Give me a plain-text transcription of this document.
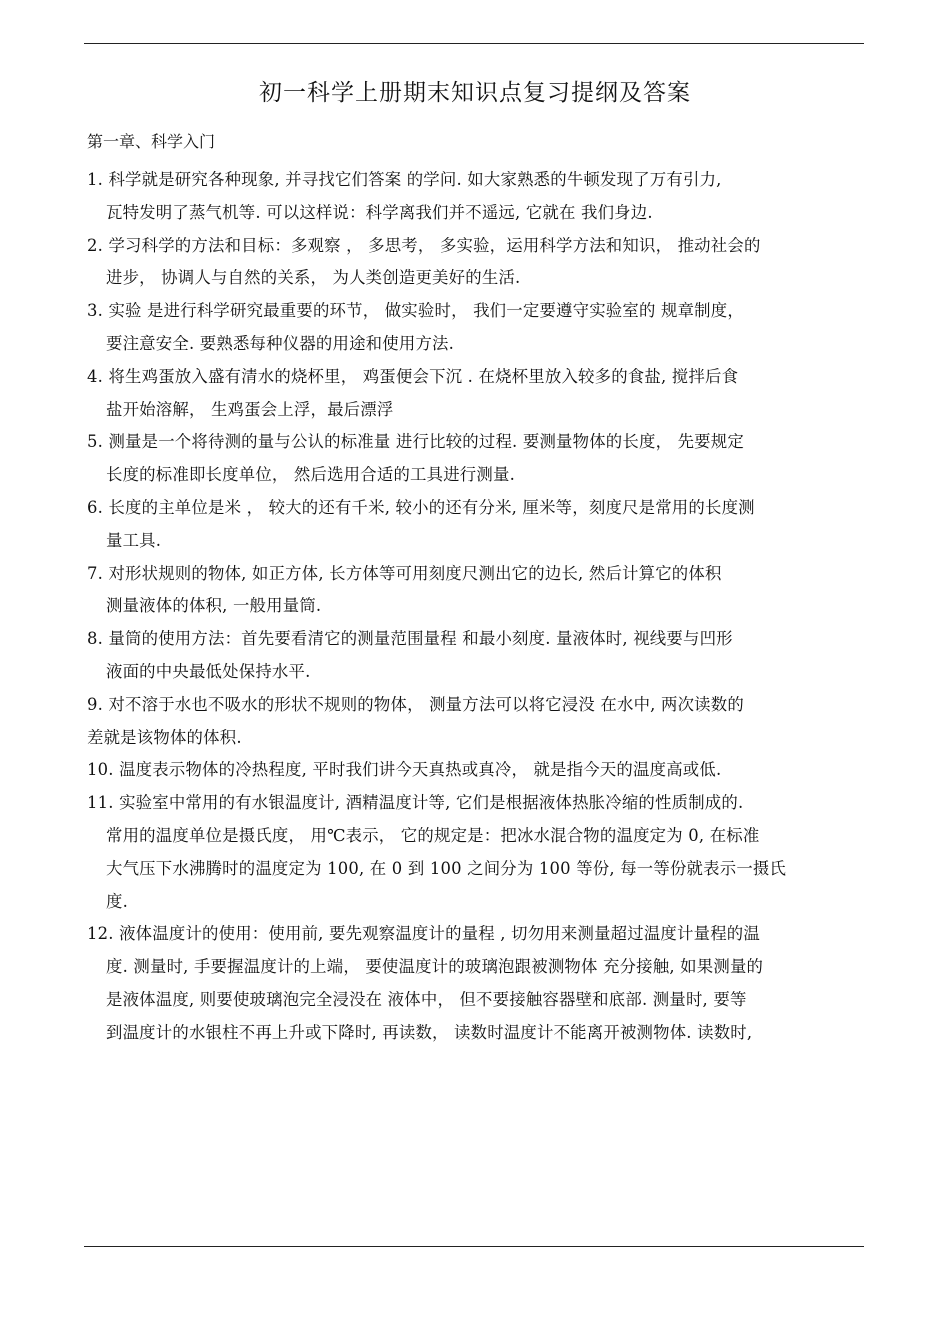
初一科学上册期末知识点复习提纲及答案
第一章、科学入门
1. 科学就是研究各种现象, 并寻找它们答案 的学问. 如大家熟悉的牛顿发现了万有引力,
瓦特发明了蒸气机等. 可以这样说：科学离我们并不遥远, 它就在 我们身边.
2. 学习科学的方法和目标：多观察 ， 多思考， 多实验，运用科学方法和知识， 推动社会的
进步， 协调人与自然的关系， 为人类创造更美好的生活.
3. 实验 是进行科学研究最重要的环节， 做实验时， 我们一定要遵守实验室的 规章制度，
要注意安全. 要熟悉每种仪器的用途和使用方法.
4. 将生鸡蛋放入盛有清水的烧杯里， 鸡蛋便会下沉 . 在烧杯里放入较多的食盐, 搅拌后食
盐开始溶解， 生鸡蛋会上浮，最后漂浮
5. 测量是一个将待测的量与公认的标准量 进行比较的过程. 要测量物体的长度， 先要规定
长度的标准即长度单位， 然后选用合适的工具进行测量.
6. 长度的主单位是米 ， 较大的还有千米, 较小的还有分米, 厘米等，刻度尺是常用的长度测
量工具.
7. 对形状规则的物体, 如正方体, 长方体等可用刻度尺测出它的边长, 然后计算它的体积
测量液体的体积, 一般用量筒.
8. 量筒的使用方法：首先要看清它的测量范围量程 和最小刻度. 量液体时, 视线要与凹形
液面的中央最低处保持水平.
9. 对不溶于水也不吸水的形状不规则的物体， 测量方法可以将它浸没 在水中, 两次读数的
差就是该物体的体积.
10. 温度表示物体的冷热程度, 平时我们讲今天真热或真冷， 就是指今天的温度高或低.
11. 实验室中常用的有水银温度计, 酒精温度计等, 它们是根据液体热胀冷缩的性质制成的.
常用的温度单位是摄氏度， 用℃表示， 它的规定是：把冰水混合物的温度定为 0, 在标准
大气压下水沸腾时的温度定为 100, 在 0 到 100 之间分为 100 等份, 每一等份就表示一摄氏
度.
12. 液体温度计的使用：使用前, 要先观察温度计的量程 , 切勿用来测量超过温度计量程的温
度. 测量时, 手要握温度计的上端， 要使温度计的玻璃泡跟被测物体 充分接触, 如果测量的
是液体温度, 则要使玻璃泡完全浸没在 液体中， 但不要接触容器壁和底部. 测量时, 要等
到温度计的水银柱不再上升或下降时, 再读数， 读数时温度计不能离开被测物体. 读数时,
